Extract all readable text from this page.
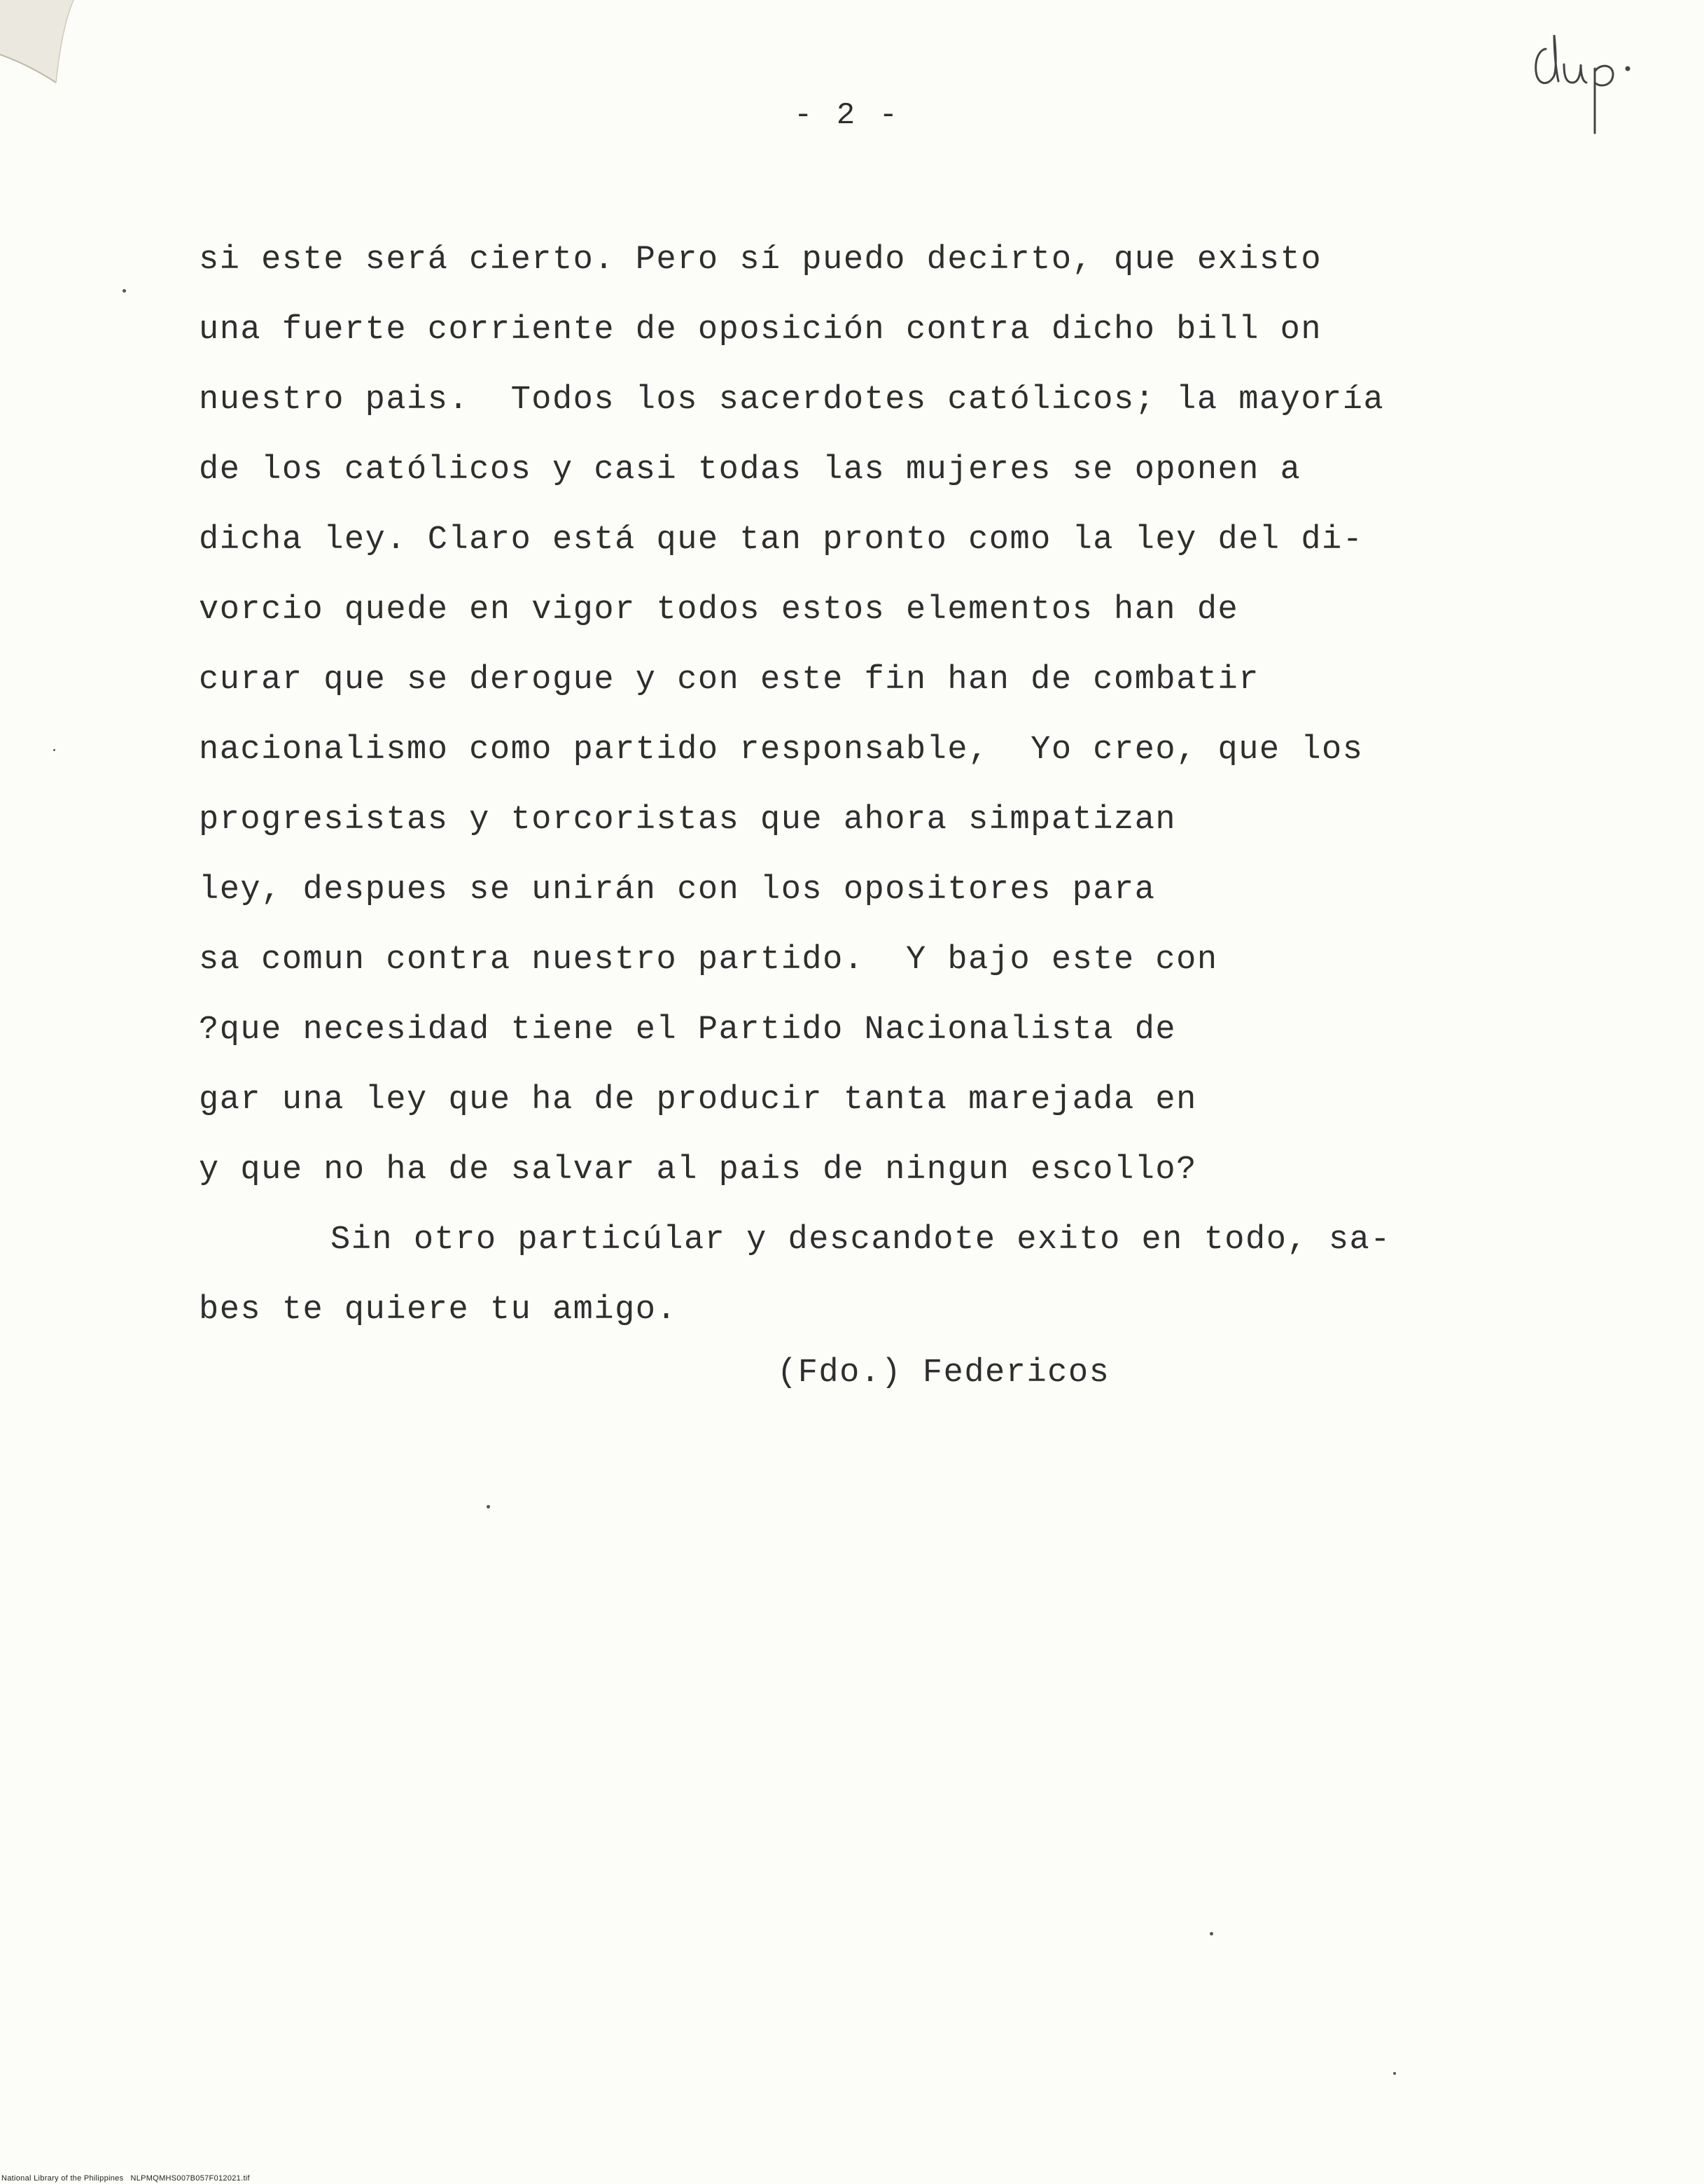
dup.
- 2 -
si este será cierto. Pero sí puedo decirto, que existo
una fuerte corriente de oposición contra dicho bill on
nuestro pais.  Todos los sacerdotes católicos; la mayoría
de los católicos y casi todas las mujeres se oponen a
dicha ley. Claro está que tan pronto como la ley del di-
vorcio quede en vigor todos estos elementos han de
curar que se derogue y con este fin han de combatir
nacionalismo como partido responsable,  Yo creo, que los
progresistas y torcoristas que ahora simpatizan
ley, despues se unirán con los opositores para
sa comun contra nuestro partido.  Y bajo este con
?que necesidad tiene el Partido Nacionalista de
gar una ley que ha de producir tanta marejada en
y que no ha de salvar al pais de ningun escollo?
Sin otro particúlar y descandote exito en todo, sa-
bes te quiere tu amigo.
(Fdo.) Federicos
National Library of the Philippines NLPMQMHS007B057F012021.tif
